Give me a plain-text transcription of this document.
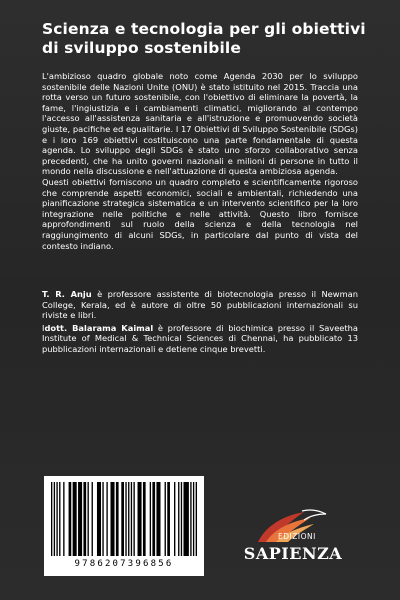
Scienza e tecnologia per gli obiettivi di sviluppo sostenibile

L'ambizioso quadro globale noto come Agenda 2030 per lo sviluppo sostenibile delle Nazioni Unite (ONU) è stato istituito nel 2015. Traccia una rotta verso un futuro sostenibile, con l'obiettivo di eliminare la povertà, la fame, l'ingiustizia e i cambiamenti climatici, migliorando al contempo l'accesso all'assistenza sanitaria e all'istruzione e promuovendo società giuste, pacifiche ed egualitarie. I 17 Obiettivi di Sviluppo Sostenibile (SDGs) e i loro 169 obiettivi costituiscono una parte fondamentale di questa agenda. Lo sviluppo degli SDGs è stato uno sforzo collaborativo senza precedenti, che ha unito governi nazionali e milioni di persone in tutto il mondo nella discussione e nell'attuazione di questa ambiziosa agenda.

Questi obiettivi forniscono un quadro completo e scientificamente rigoroso che comprende aspetti economici, sociali e ambientali, richiedendo una pianificazione strategica sistematica e un intervento scientifico per la loro integrazione nelle politiche e nelle attività. Questo libro fornisce approfondimenti sul ruolo della scienza e della tecnologia nel raggiungimento di alcuni SDGs, in particolare dal punto di vista del contesto indiano.

T. R. Anju è professore assistente di biotecnologia presso il Newman College, Kerala, ed è autore di oltre 50 pubblicazioni internazionali su riviste e libri.

Idott. Balarama Kaimal è professore di biochimica presso il Saveetha Institute of Medical & Technical Sciences di Chennai, ha pubblicato 13 pubblicazioni internazionali e detiene cinque brevetti.

9786207396856
EDIZIONI
SAPIENZA
